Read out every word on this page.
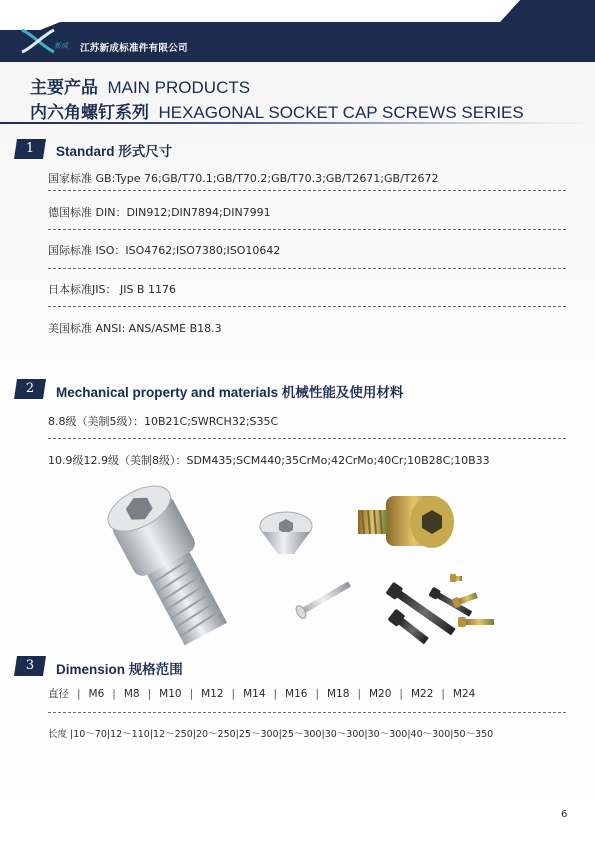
新成 江苏新成标准件有限公司
主要产品 MAIN PRODUCTS
内六角螺钉系列 HEXAGONAL SOCKET CAP SCREWS SERIES
1	Standard 形式尺寸
国家标准 GB:Type 76;GB/T70.1;GB/T70.2;GB/T70.3;GB/T2671;GB/T2672
德国标准 DIN：DIN912;DIN7894;DIN7991
国际标准 ISO：ISO4762;ISO7380;ISO10642
日本标准JIS： JIS B 1176
美国标准 ANSI: ANS/ASME B18.3
2	Mechanical property and materials 机械性能及使用材料
8.8级（美制5级）：10B21C;SWRCH32;S35C
10.9级12.9级（美制8级）：SDM435;SCM440;35CrMo;42CrMo;40Cr;10B28C;10B33
3	Dimension 规格范围
直径 | M6 | M8 | M10 | M12 | M14 | M16 | M18 | M20 | M22 | M24
长度 |10～70|12～110|12～250|20～250|25～300|25～300|30～300|30～300|40～300|50～350
6
